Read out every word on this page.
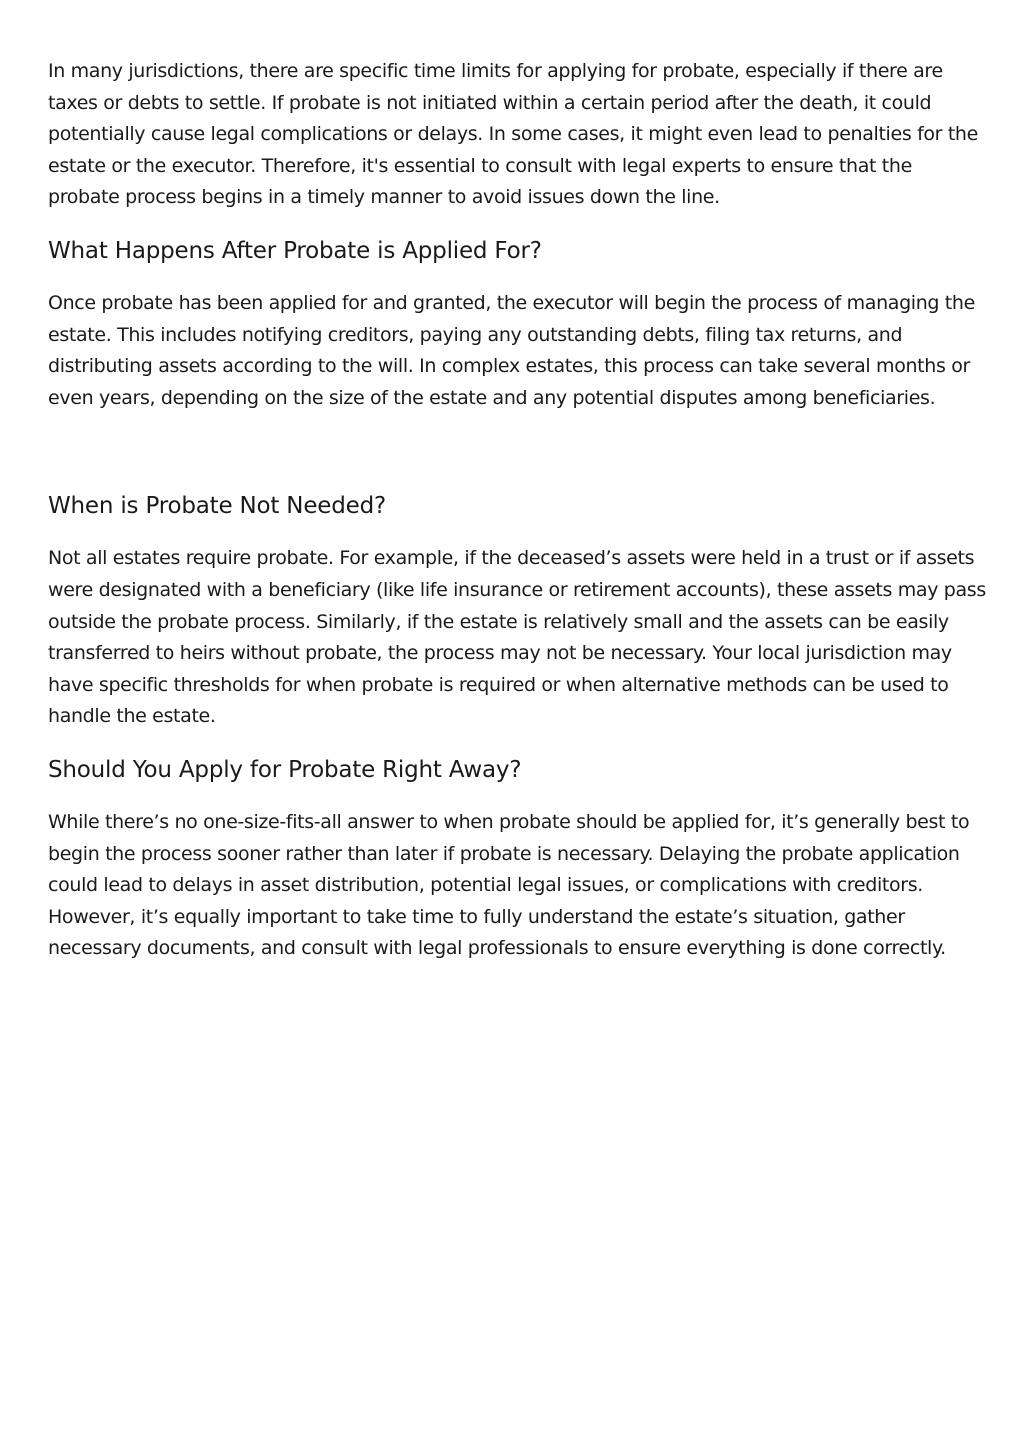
In many jurisdictions, there are specific time limits for applying for probate, especially if there are taxes or debts to settle. If probate is not initiated within a certain period after the death, it could potentially cause legal complications or delays. In some cases, it might even lead to penalties for the estate or the executor. Therefore, it's essential to consult with legal experts to ensure that the probate process begins in a timely manner to avoid issues down the line.

What Happens After Probate is Applied For?

Once probate has been applied for and granted, the executor will begin the process of managing the estate. This includes notifying creditors, paying any outstanding debts, filing tax returns, and distributing assets according to the will. In complex estates, this process can take several months or even years, depending on the size of the estate and any potential disputes among beneficiaries.

When is Probate Not Needed?

Not all estates require probate. For example, if the deceased’s assets were held in a trust or if assets were designated with a beneficiary (like life insurance or retirement accounts), these assets may pass outside the probate process. Similarly, if the estate is relatively small and the assets can be easily transferred to heirs without probate, the process may not be necessary. Your local jurisdiction may have specific thresholds for when probate is required or when alternative methods can be used to handle the estate.

Should You Apply for Probate Right Away?

While there’s no one-size-fits-all answer to when probate should be applied for, it’s generally best to begin the process sooner rather than later if probate is necessary. Delaying the probate application could lead to delays in asset distribution, potential legal issues, or complications with creditors. However, it’s equally important to take time to fully understand the estate’s situation, gather necessary documents, and consult with legal professionals to ensure everything is done correctly.
